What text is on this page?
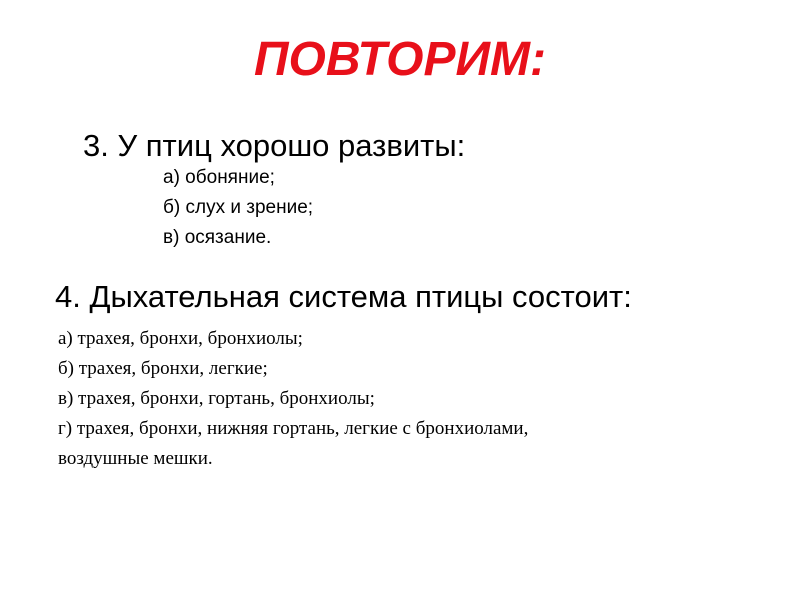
ПОВТОРИМ:

3. У птиц хорошо развиты:

а) обоняние;
б) слух и зрение;
в) осязание.

4. Дыхательная система птицы состоит:

а) трахея, бронхи, бронхиолы;
б) трахея, бронхи, легкие;
в) трахея, бронхи, гортань, бронхиолы;
г) трахея, бронхи, нижняя гортань, легкие с бронхиолами,
воздушные мешки.
